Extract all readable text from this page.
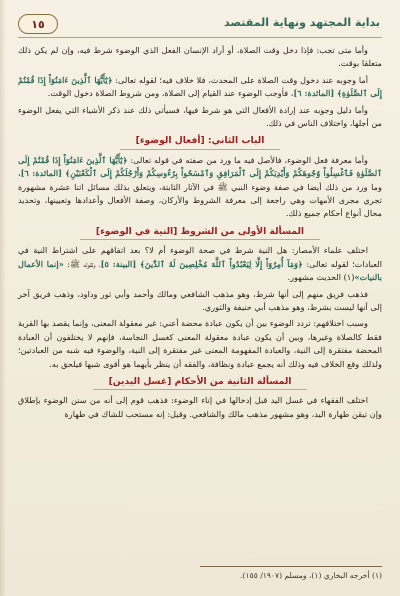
بداية المجتهد ونهاية المقتصد
١٥

وأما متى تجب: فإذا دخل وقت الصلاة، أو أراد الإنسان الفعل الذي الوضوء شرط فيه، وإن لم يكن ذلك متعلقا بوقت.

أما وجوبه عند دخول وقت الصلاة على المحدث، فلا خلاف فيه؛ لقوله تعالى: ﴿يَٰٓأَيُّهَا ٱلَّذِينَ ءَامَنُوٓاْ إِذَا قُمْتُمْ إِلَى ٱلصَّلَوٰةِ﴾ [المائدة: ٦]، فأوجب الوضوء عند القيام إلى الصلاة، ومن شروط الصلاة دخول الوقت.

وأما دليل وجوبه عند إرادة الأفعال التي هو شرط فيها، فسيأتي ذلك عند ذكر الأشياء التي يفعل الوضوء من أجلها، واختلاف الناس في ذلك.

الباب الثاني: [أفعال الوضوء]

وأما معرفة فعل الوضوء، فالأصل فيه ما ورد من صفته في قوله تعالى: ﴿يَٰٓأَيُّهَا ٱلَّذِينَ ءَامَنُوٓاْ إِذَا قُمْتُمْ إِلَى ٱلصَّلَوٰةِ فَٱغْسِلُواْ وُجُوهَكُمْ وَأَيْدِيَكُمْ إِلَى ٱلْمَرَافِقِ وَٱمْسَحُواْ بِرُءُوسِكُمْ وَأَرْجُلَكُمْ إِلَى ٱلْكَعْبَيْنِ﴾ [المائدة: ٦]، وما ورد من ذلك أيضا في صفة وضوء النبي ﷺ في الآثار الثابتة، ويتعلق بذلك مسائل اثنا عشرة مشهورة تجري مجرى الأمهات وهي راجعة إلى معرفة الشروط والأركان، وصفة الأفعال وأعدادها وتعيينها، وتحديد محال أنواع أحكام جميع ذلك.

المسألة الأولى من الشروط [النية في الوضوء]

اختلف علماء الأمصار: هل النية شرط في صحة الوضوء أم لا؟ بعد اتفاقهم على اشتراط النية في العبادات؛ لقوله تعالى: ﴿وَمَآ أُمِرُوٓاْ إِلَّا لِيَعْبُدُواْ ٱللَّهَ مُخْلِصِينَ لَهُ ٱلدِّينَ﴾ [البينة: ٥]، ولقوله ﷺ: «إنما الأعمال بالنيات»(١) الحديث مشهور.

فذهب فريق منهم إلى أنها شرط، وهو مذهب الشافعي ومالك وأحمد وأبي ثور وداود، وذهب فريق آخر إلى أنها ليست بشرط، وهو مذهب أبي حنيفة والثوري.

وسبب اختلافهم: تردد الوضوء بين أن يكون عبادة محضة أعني: غير معقولة المعنى، وإنما يقصد بها القربة فقط كالصلاة وغيرها، وبين أن يكون عبادة معقولة المعنى كغسل النجاسة، فإنهم لا يختلفون أن العبادة المحضة مفتقرة إلى النية، والعبادة المفهومة المعنى غير مفتقرة إلى النية، والوضوء فيه شبه من العبادتين؛ ولذلك وقع الخلاف فيه وذلك أنه يجمع عبادة ونظافة، والفقه أن ينظر بأيهما هو أقوى شبها فيلحق به.

المسألة الثانية من الأحكام [غسل اليدين]

اختلف الفقهاء في غسل اليد قبل إدخالها في إناء الوضوء: فذهب قوم إلى أنه من سنن الوضوء بإطلاق وإن تيقن طهارة اليد، وهو مشهور مذهب مالك والشافعي. وقيل: إنه مستحب للشاك في طهارة

(١) أخرجه البخاري (١)، ومسلم (١٩٠٧/ ١٥٥).
